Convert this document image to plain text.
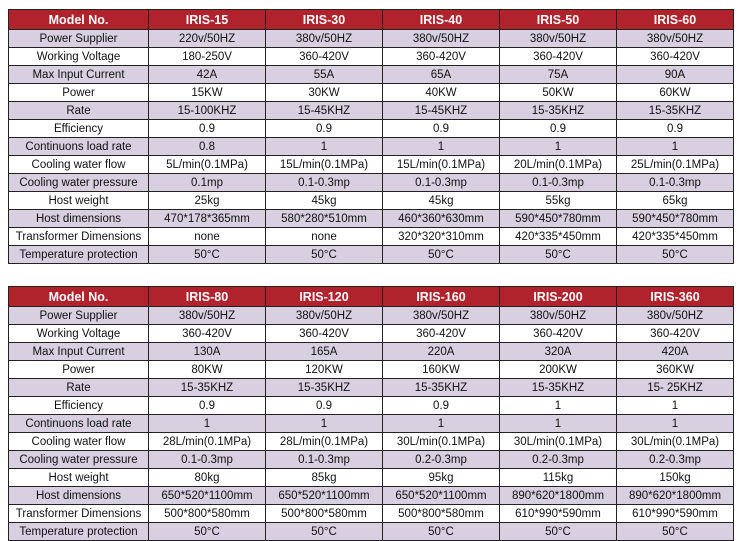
Model No.	IRIS-15	IRIS-30	IRIS-40	IRIS-50	IRIS-60
Power Supplier	220v/50HZ	380v/50HZ	380v/50HZ	380v/50HZ	380v/50HZ
Working Voltage	180-250V	360-420V	360-420V	360-420V	360-420V
Max Input Current	42A	55A	65A	75A	90A
Power	15KW	30KW	40KW	50KW	60KW
Rate	15-100KHZ	15-45KHZ	15-45KHZ	15-35KHZ	15-35KHZ
Efficiency	0.9	0.9	0.9	0.9	0.9
Continuons load rate	0.8	1	1	1	1
Cooling water flow	5L/min(0.1MPa)	15L/min(0.1MPa)	15L/min(0.1MPa)	20L/min(0.1MPa)	25L/min(0.1MPa)
Cooling water pressure	0.1mp	0.1-0.3mp	0.1-0.3mp	0.1-0.3mp	0.1-0.3mp
Host weight	25kg	45kg	45kg	55kg	65kg
Host dimensions	470*178*365mm	580*280*510mm	460*360*630mm	590*450*780mm	590*450*780mm
Transformer Dimensions	none	none	320*320*310mm	420*335*450mm	420*335*450mm
Temperature protection	50°C	50°C	50°C	50°C	50°C
Model No.	IRIS-80	IRIS-120	IRIS-160	IRIS-200	IRIS-360
Power Supplier	380v/50HZ	380v/50HZ	380v/50HZ	380v/50HZ	380v/50HZ
Working Voltage	360-420V	360-420V	360-420V	360-420V	360-420V
Max Input Current	130A	165A	220A	320A	420A
Power	80KW	120KW	160KW	200KW	360KW
Rate	15-35KHZ	15-35KHZ	15-35KHZ	15-35KHZ	15- 25KHZ
Efficiency	0.9	0.9	0.9	1	1
Continuons load rate	1	1	1	1	1
Cooling water flow	28L/min(0.1MPa)	28L/min(0.1MPa)	30L/min(0.1MPa)	30L/min(0.1MPa)	30L/min(0.1MPa)
Cooling water pressure	0.1-0.3mp	0.1-0.3mp	0.2-0.3mp	0.2-0.3mp	0.2-0.3mp
Host weight	80kg	85kg	95kg	115kg	150kg
Host dimensions	650*520*1100mm	650*520*1100mm	650*520*1100mm	890*620*1800mm	890*620*1800mm
Transformer Dimensions	500*800*580mm	500*800*580mm	500*800*580mm	610*990*590mm	610*990*590mm
Temperature protection	50°C	50°C	50°C	50°C	50°C
